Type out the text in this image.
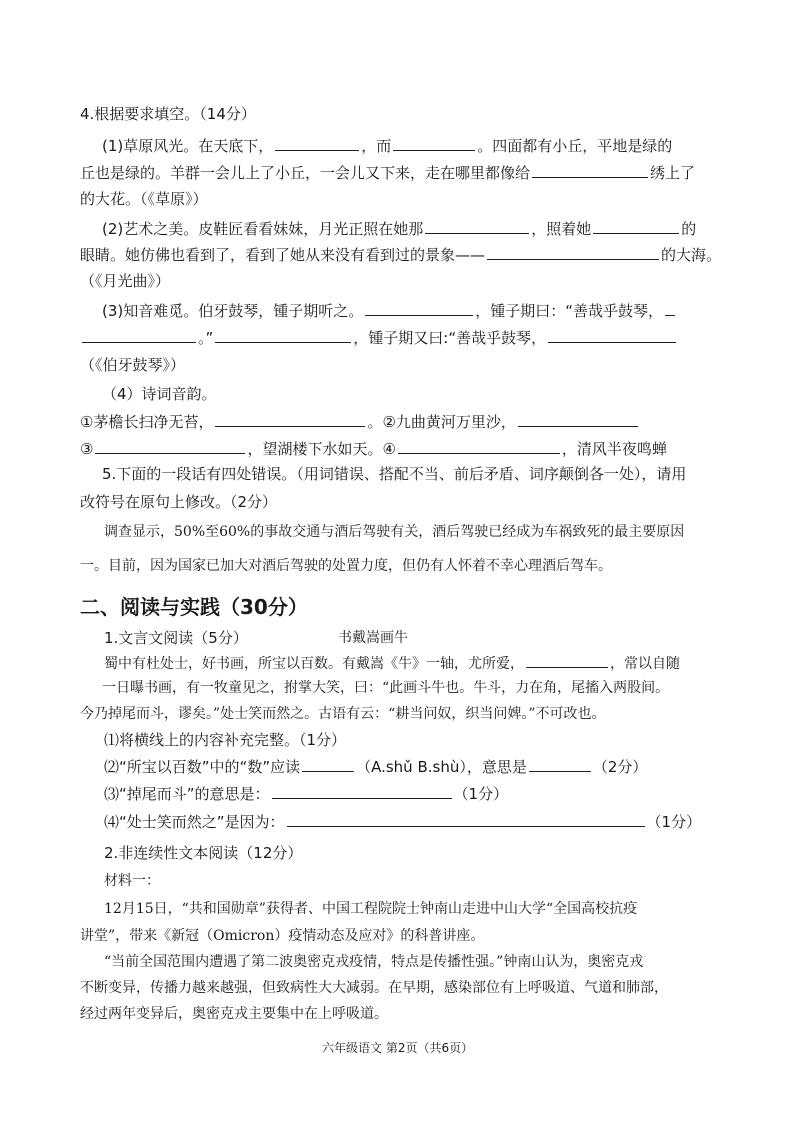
4.根据要求填空。（14分）
(1)草原风光。在天底下，	，而	。四面都有小丘，平地是绿的
丘也是绿的。羊群一会儿上了小丘，一会儿又下来，走在哪里都像给	绣上了
的大花。（《草原》）
(2)艺术之美。皮鞋匠看看妹妹，月光正照在她那	，照着她	的
眼睛。她仿佛也看到了，看到了她从来没有看到过的景象——	的大海。
（《月光曲》）
(3)知音难觅。伯牙鼓琴，锺子期听之。	，锺子期曰：“善哉乎鼓琴，
。”	，锺子期又曰:“善哉乎鼓琴，
（《伯牙鼓琴》）
（4）诗词音韵。
①茅檐长扫净无苔，	。②九曲黄河万里沙，
③	，望湖楼下水如天。④	，清风半夜鸣蝉
5.下面的一段话有四处错误。（用词错误、搭配不当、前后矛盾、词序颠倒各一处），请用
改符号在原句上修改。（2分）
调查显示，50%至60%的事故交通与酒后驾驶有关，酒后驾驶已经成为车祸致死的最主要原因
一。目前，因为国家已加大对酒后驾驶的处置力度，但仍有人怀着不幸心理酒后驾车。
二、阅读与实践（30分）
1.文言文阅读（5分）	书戴嵩画牛
蜀中有杜处士，好书画，所宝以百数。有戴嵩《牛》一轴，尤所爱，	，常以自随
一日曝书画，有一牧童见之，拊掌大笑，曰：“此画斗牛也。牛斗，力在角，尾搐入两股间。
今乃掉尾而斗，谬矣。”处士笑而然之。古语有云：“耕当问奴，织当问婢。”不可改也。
⑴将横线上的内容补充完整。（1分）
⑵“所宝以百数”中的“数”应读	（A.shǔ B.shù），意思是	（2分）
⑶“掉尾而斗”的意思是：	（1分）
⑷“处士笑而然之”是因为：	（1分）
2.非连续性文本阅读（12分）
材料一：
12月15日，“共和国勋章”获得者、中国工程院院士钟南山走进中山大学“全国高校抗疫
讲堂”，带来《新冠（Omicron）疫情动态及应对》的科普讲座。
“当前全国范围内遭遇了第二波奥密克戎疫情，特点是传播性强。”钟南山认为，奥密克戎
不断变异，传播力越来越强，但致病性大大减弱。在早期，感染部位有上呼吸道、气道和肺部，
经过两年变异后，奥密克戎主要集中在上呼吸道。
六年级语文 第2页（共6页）
